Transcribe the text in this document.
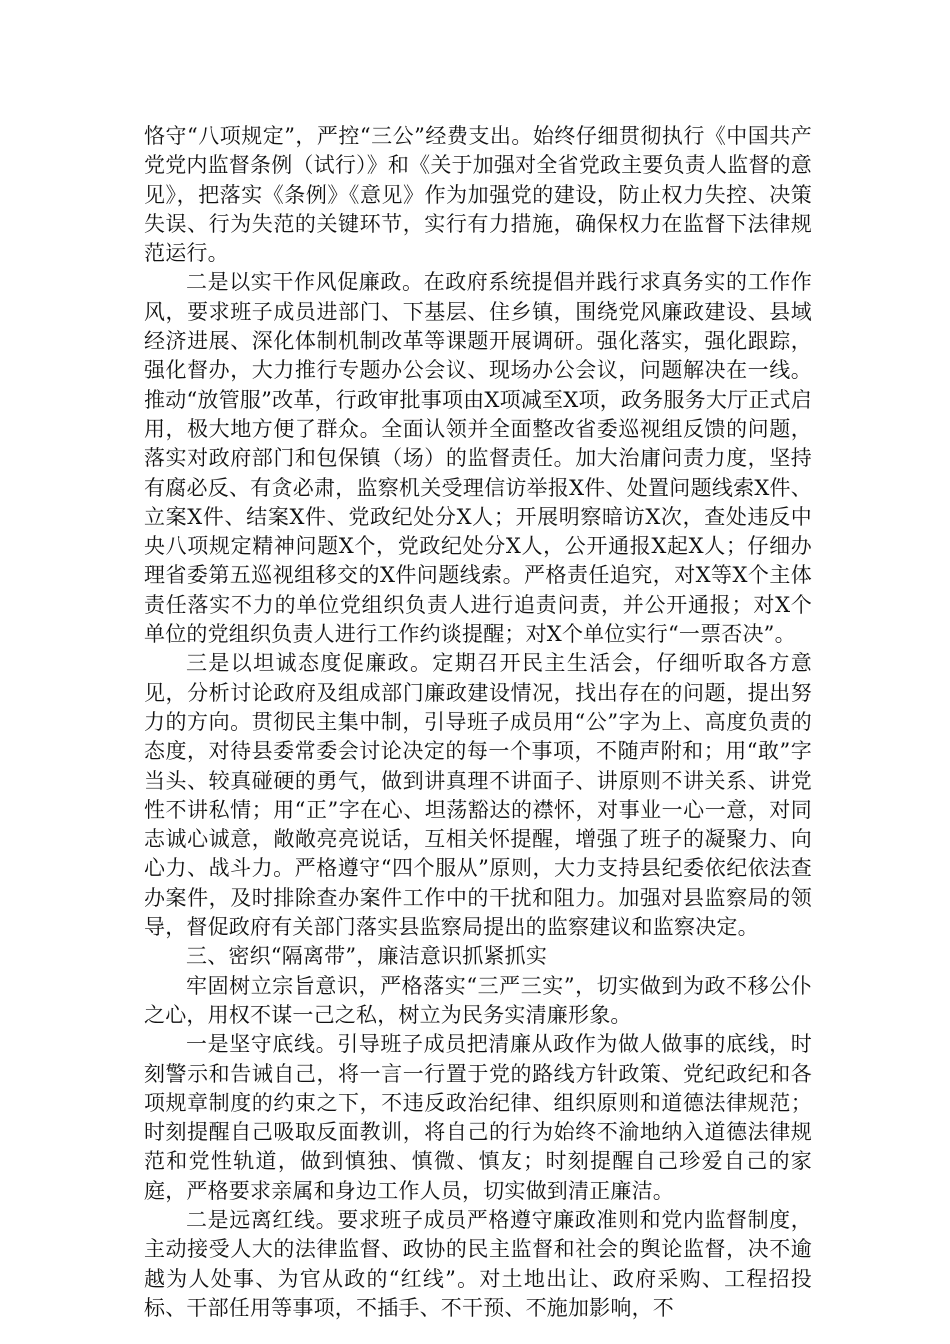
恪守“八项规定”，严控“三公”经费支出。始终仔细贯彻执行《中国共产党党内监督条例（试行）》和《关于加强对全省党政主要负责人监督的意见》，把落实《条例》《意见》作为加强党的建设，防止权力失控、决策失误、行为失范的关键环节，实行有力措施，确保权力在监督下法律规范运行。

二是以实干作风促廉政。在政府系统提倡并践行求真务实的工作作风，要求班子成员进部门、下基层、住乡镇，围绕党风廉政建设、县域经济进展、深化体制机制改革等课题开展调研。强化落实，强化跟踪，强化督办，大力推行专题办公会议、现场办公会议，问题解决在一线。推动“放管服”改革，行政审批事项由X项减至X项，政务服务大厅正式启用，极大地方便了群众。全面认领并全面整改省委巡视组反馈的问题，落实对政府部门和包保镇（场）的监督责任。加大治庸问责力度，坚持有腐必反、有贪必肃，监察机关受理信访举报X件、处置问题线索X件、立案X件、结案X件、党政纪处分X人；开展明察暗访X次，查处违反中央八项规定精神问题X个，党政纪处分X人，公开通报X起X人；仔细办理省委第五巡视组移交的X件问题线索。严格责任追究，对X等X个主体责任落实不力的单位党组织负责人进行追责问责，并公开通报；对X个单位的党组织负责人进行工作约谈提醒；对X个单位实行“一票否决”。

三是以坦诚态度促廉政。定期召开民主生活会，仔细听取各方意见，分析讨论政府及组成部门廉政建设情况，找出存在的问题，提出努力的方向。贯彻民主集中制，引导班子成员用“公”字为上、高度负责的态度，对待县委常委会讨论决定的每一个事项，不随声附和；用“敢”字当头、较真碰硬的勇气，做到讲真理不讲面子、讲原则不讲关系、讲党性不讲私情；用“正”字在心、坦荡豁达的襟怀，对事业一心一意，对同志诚心诚意，敞敞亮亮说话，互相关怀提醒，增强了班子的凝聚力、向心力、战斗力。严格遵守“四个服从”原则，大力支持县纪委依纪依法查办案件，及时排除查办案件工作中的干扰和阻力。加强对县监察局的领导，督促政府有关部门落实县监察局提出的监察建议和监察决定。

三、密织“隔离带”，廉洁意识抓紧抓实

牢固树立宗旨意识，严格落实“三严三实”，切实做到为政不移公仆之心，用权不谋一己之私，树立为民务实清廉形象。

一是坚守底线。引导班子成员把清廉从政作为做人做事的底线，时刻警示和告诫自己，将一言一行置于党的路线方针政策、党纪政纪和各项规章制度的约束之下，不违反政治纪律、组织原则和道德法律规范；时刻提醒自己吸取反面教训，将自己的行为始终不渝地纳入道德法律规范和党性轨道，做到慎独、慎微、慎友；时刻提醒自己珍爱自己的家庭，严格要求亲属和身边工作人员，切实做到清正廉洁。

二是远离红线。要求班子成员严格遵守廉政准则和党内监督制度，主动接受人大的法律监督、政协的民主监督和社会的舆论监督，决不逾越为人处事、为官从政的“红线”。对土地出让、政府采购、工程招投标、干部任用等事项，不插手、不干预、不施加影响，不
